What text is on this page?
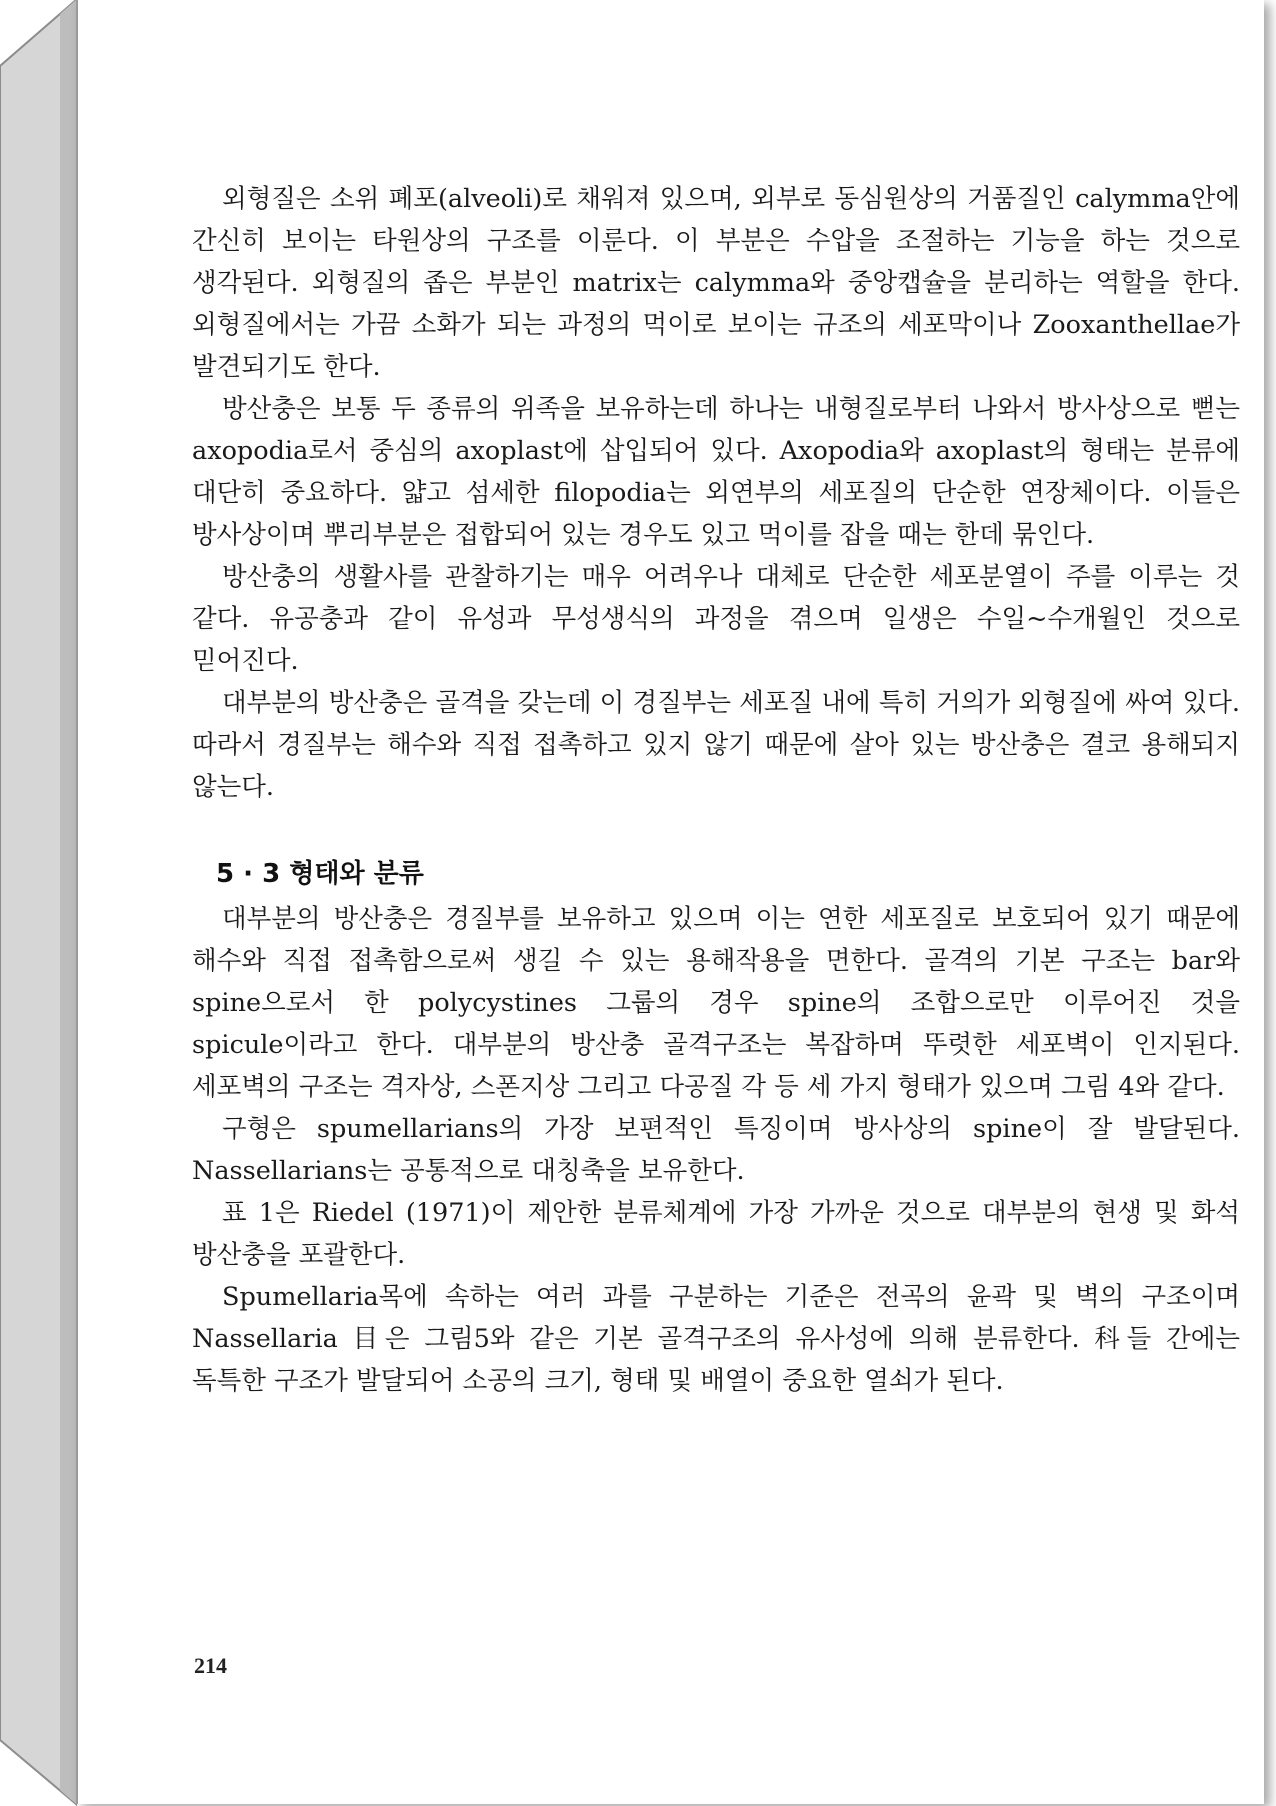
외형질은 소위 폐포(alveoli)로 채워져 있으며, 외부로 동심원상의 거품질인 calymma안에 간신히 보이는 타원상의 구조를 이룬다. 이 부분은 수압을 조절하는 기능을 하는 것으로 생각된다. 외형질의 좁은 부분인 matrix는 calymma와 중앙캡슐을 분리하는 역할을 한다. 외형질에서는 가끔 소화가 되는 과정의 먹이로 보이는 규조의 세포막이나 Zooxanthellae가 발견되기도 한다.

방산충은 보통 두 종류의 위족을 보유하는데 하나는 내형질로부터 나와서 방사상으로 뻗는 axopodia로서 중심의 axoplast에 삽입되어 있다. Axopodia와 axoplast의 형태는 분류에 대단히 중요하다. 얇고 섬세한 filopodia는 외연부의 세포질의 단순한 연장체이다. 이들은 방사상이며 뿌리부분은 접합되어 있는 경우도 있고 먹이를 잡을 때는 한데 묶인다.

방산충의 생활사를 관찰하기는 매우 어려우나 대체로 단순한 세포분열이 주를 이루는 것 같다. 유공충과 같이 유성과 무성생식의 과정을 겪으며 일생은 수일~수개월인 것으로 믿어진다.

대부분의 방산충은 골격을 갖는데 이 경질부는 세포질 내에 특히 거의가 외형질에 싸여 있다. 따라서 경질부는 해수와 직접 접촉하고 있지 않기 때문에 살아 있는 방산충은 결코 용해되지 않는다.

5 · 3 형태와 분류

대부분의 방산충은 경질부를 보유하고 있으며 이는 연한 세포질로 보호되어 있기 때문에 해수와 직접 접촉함으로써 생길 수 있는 용해작용을 면한다. 골격의 기본 구조는 bar와 spine으로서 한 polycystines 그룹의 경우 spine의 조합으로만 이루어진 것을 spicule이라고 한다. 대부분의 방산충 골격구조는 복잡하며 뚜렷한 세포벽이 인지된다. 세포벽의 구조는 격자상, 스폰지상 그리고 다공질 각 등 세 가지 형태가 있으며 그림 4와 같다.

구형은 spumellarians의 가장 보편적인 특징이며 방사상의 spine이 잘 발달된다. Nassellarians는 공통적으로 대칭축을 보유한다.

표 1은 Riedel (1971)이 제안한 분류체계에 가장 가까운 것으로 대부분의 현생 및 화석 방산충을 포괄한다.

Spumellaria목에 속하는 여러 과를 구분하는 기준은 전곡의 윤곽 및 벽의 구조이며 Nassellaria 目은 그림5와 같은 기본 골격구조의 유사성에 의해 분류한다. 科들 간에는 독특한 구조가 발달되어 소공의 크기, 형태 및 배열이 중요한 열쇠가 된다.

214
